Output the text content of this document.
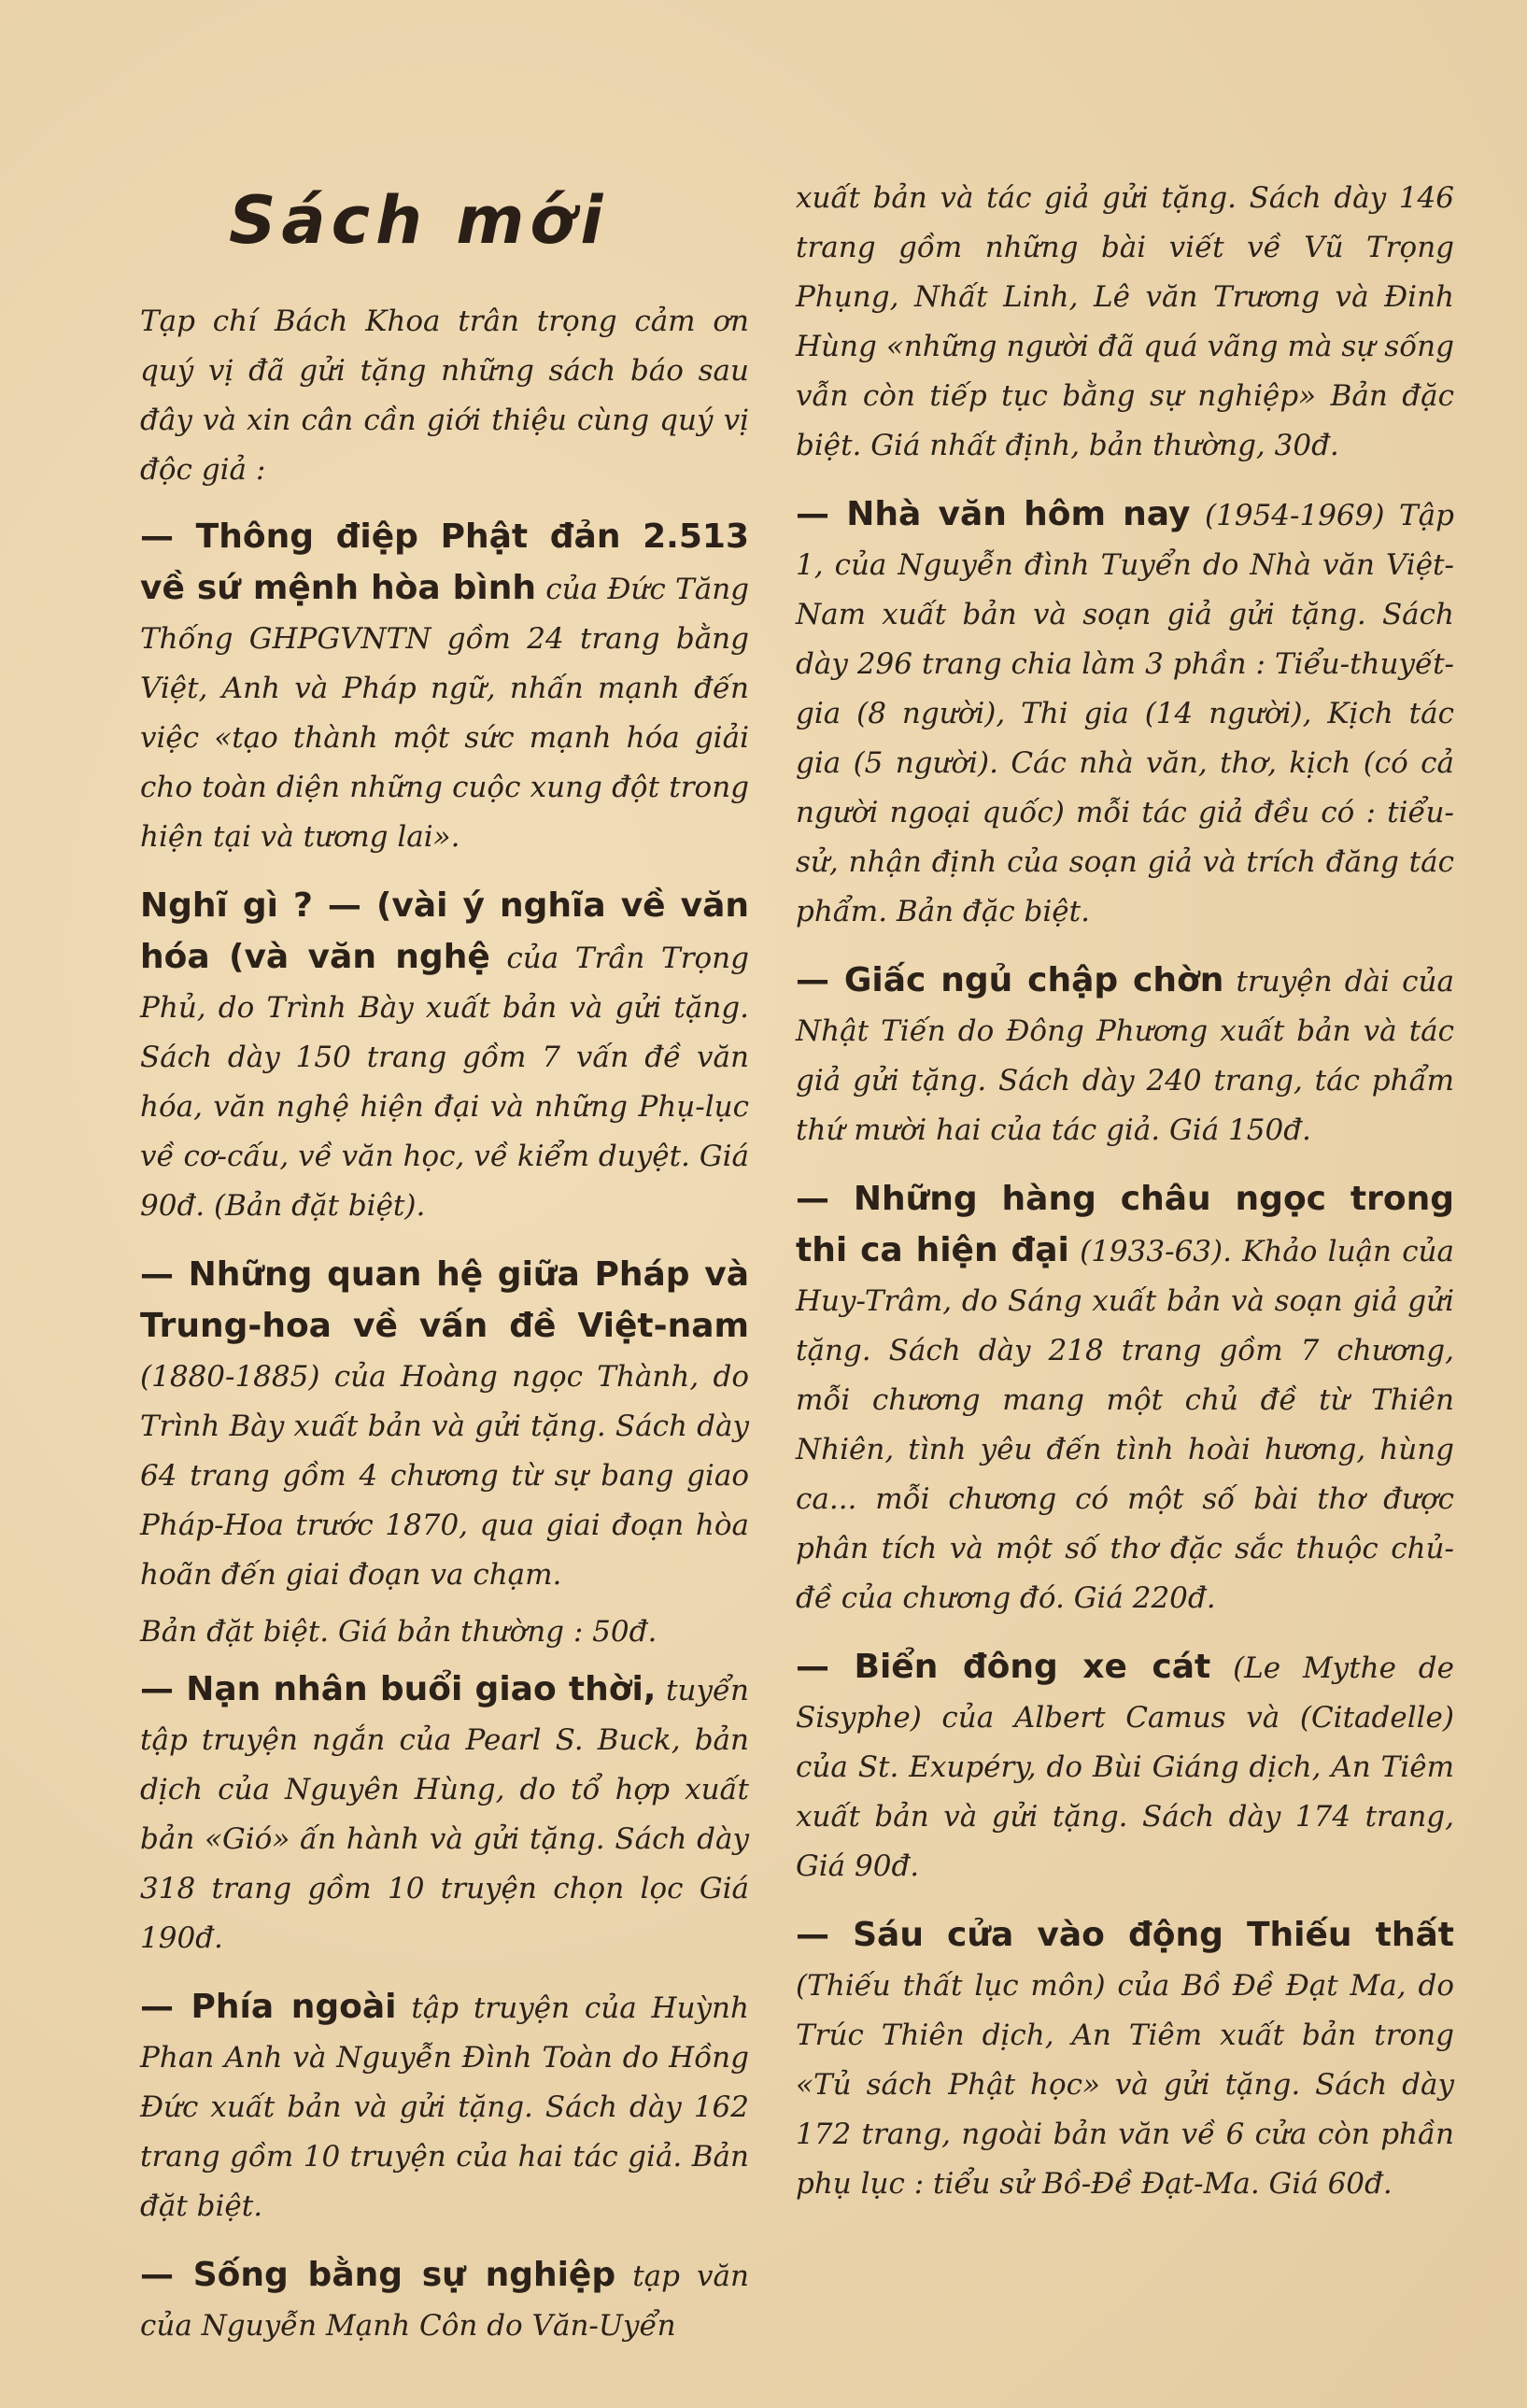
Sách mới

Tạp chí Bách Khoa trân trọng cảm ơn quý vị đã gửi tặng những sách báo sau đây và xin cân cần giới thiệu cùng quý vị độc giả :

— Thông điệp Phật đản 2.513 về sứ mệnh hòa bình của Đức Tăng Thống GHPGVNTN gồm 24 trang bằng Việt, Anh và Pháp ngữ, nhấn mạnh đến việc «tạo thành một sức mạnh hóa giải cho toàn diện những cuộc xung đột trong hiện tại và tương lai».

Nghĩ gì ? — (vài ý nghĩa về văn hóa (và văn nghệ của Trần Trọng Phủ, do Trình Bày xuất bản và gửi tặng. Sách dày 150 trang gồm 7 vấn đề văn hóa, văn nghệ hiện đại và những Phụ-lục về cơ-cấu, về văn học, về kiểm duyệt. Giá 90đ. (Bản đặt biệt).

— Những quan hệ giữa Pháp và Trung-hoa về vấn đề Việt-nam (1880-1885) của Hoàng ngọc Thành, do Trình Bày xuất bản và gửi tặng. Sách dày 64 trang gồm 4 chương từ sự bang giao Pháp-Hoa trước 1870, qua giai đoạn hòa hoãn đến giai đoạn va chạm.

Bản đặt biệt. Giá bản thường : 50đ.

— Nạn nhân buổi giao thời, tuyển tập truyện ngắn của Pearl S. Buck, bản dịch của Nguyên Hùng, do tổ hợp xuất bản «Gió» ấn hành và gửi tặng. Sách dày 318 trang gồm 10 truyện chọn lọc Giá 190đ.

— Phía ngoài tập truyện của Huỳnh Phan Anh và Nguyễn Đình Toàn do Hồng Đức xuất bản và gửi tặng. Sách dày 162 trang gồm 10 truyện của hai tác giả. Bản đặt biệt.

— Sống bằng sự nghiệp tạp văn của Nguyễn Mạnh Côn do Văn-Uyển

xuất bản và tác giả gửi tặng. Sách dày 146 trang gồm những bài viết về Vũ Trọng Phụng, Nhất Linh, Lê văn Trương và Đinh Hùng «những người đã quá vãng mà sự sống vẫn còn tiếp tục bằng sự nghiệp» Bản đặc biệt. Giá nhất định, bản thường, 30đ.

— Nhà văn hôm nay (1954-1969) Tập 1, của Nguyễn đình Tuyển do Nhà văn Việt-Nam xuất bản và soạn giả gửi tặng. Sách dày 296 trang chia làm 3 phần : Tiểu-thuyết-gia (8 người), Thi gia (14 người), Kịch tác gia (5 người). Các nhà văn, thơ, kịch (có cả người ngoại quốc) mỗi tác giả đều có : tiểu-sử, nhận định của soạn giả và trích đăng tác phẩm. Bản đặc biệt.

— Giấc ngủ chập chờn truyện dài của Nhật Tiến do Đông Phương xuất bản và tác giả gửi tặng. Sách dày 240 trang, tác phẩm thứ mười hai của tác giả. Giá 150đ.

— Những hàng châu ngọc trong thi ca hiện đại (1933-63). Khảo luận của Huy-Trâm, do Sáng xuất bản và soạn giả gửi tặng. Sách dày 218 trang gồm 7 chương, mỗi chương mang một chủ đề từ Thiên Nhiên, tình yêu đến tình hoài hương, hùng ca... mỗi chương có một số bài thơ được phân tích và một số thơ đặc sắc thuộc chủ-đề của chương đó. Giá 220đ.

— Biển đông xe cát (Le Mythe de Sisyphe) của Albert Camus và (Citadelle) của St. Exupéry, do Bùi Giáng dịch, An Tiêm xuất bản và gửi tặng. Sách dày 174 trang, Giá 90đ.

— Sáu cửa vào động Thiếu thất (Thiếu thất lục môn) của Bồ Đề Đạt Ma, do Trúc Thiên dịch, An Tiêm xuất bản trong «Tủ sách Phật học» và gửi tặng. Sách dày 172 trang, ngoài bản văn về 6 cửa còn phần phụ lục : tiểu sử Bồ-Đề Đạt-Ma. Giá 60đ.
